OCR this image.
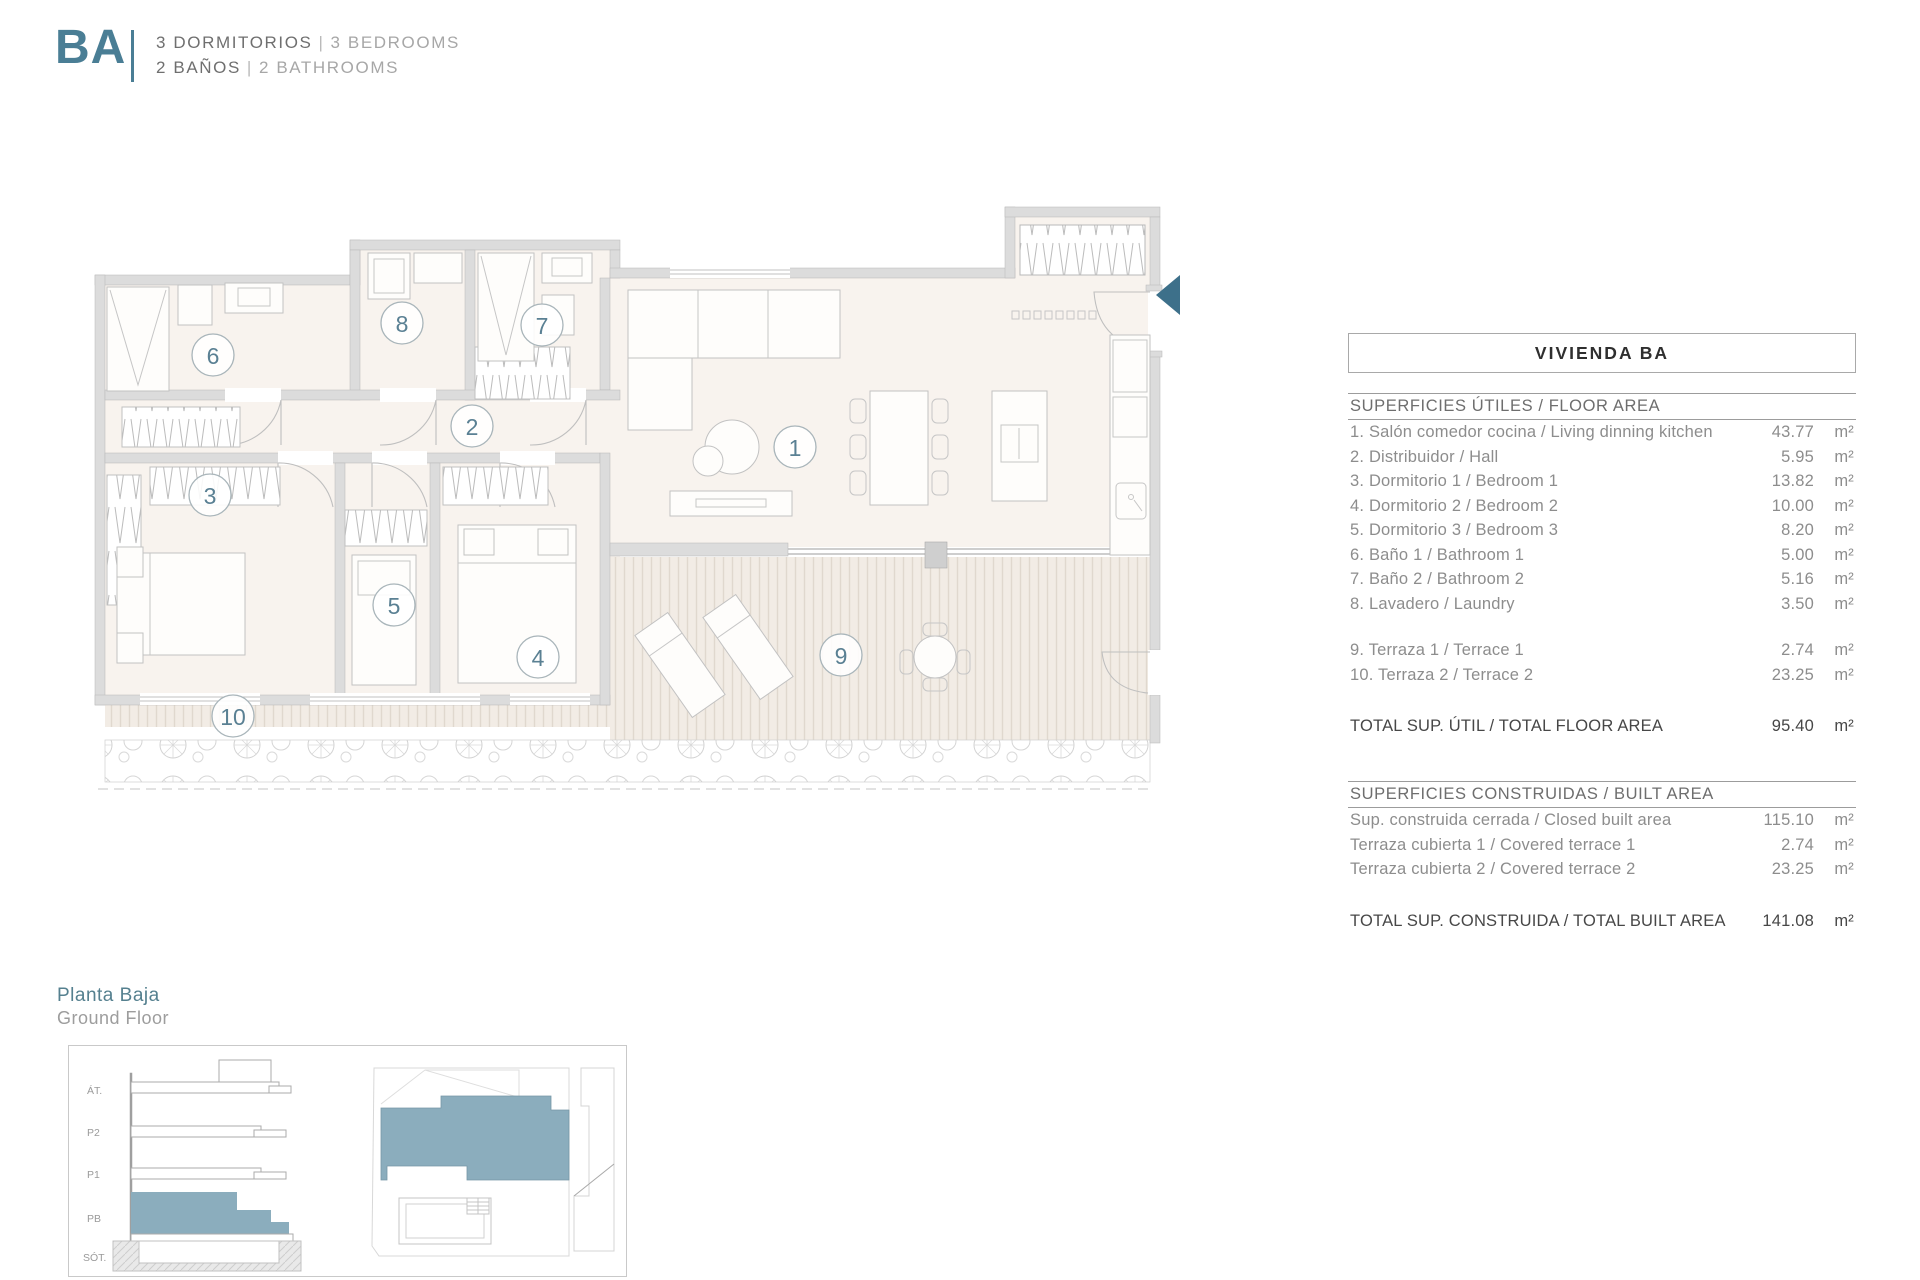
BA 3 DORMITORIOS | 3 BEDROOMS
2 BAÑOS | 2 BATHROOMS
1
2
3
4
5
6
7
8
9
10
VIVIENDA BA
SUPERFICIES ÚTILES / FLOOR AREA
1. Salón comedor cocina / Living dinning kitchen	43.77	m²
2. Distribuidor / Hall	5.95	m²
3. Dormitorio 1 / Bedroom 1	13.82	m²
4. Dormitorio 2 / Bedroom 2	10.00	m²
5. Dormitorio 3 / Bedroom 3	8.20	m²
6. Baño 1 / Bathroom 1	5.00	m²
7. Baño 2 / Bathroom 2	5.16	m²
8. Lavadero / Laundry	3.50	m²
9. Terraza 1 / Terrace 1	2.74	m²
10. Terraza 2 / Terrace 2	23.25	m²
TOTAL SUP. ÚTIL / TOTAL FLOOR AREA	95.40	m²
SUPERFICIES CONSTRUIDAS / BUILT AREA
Sup. construida cerrada / Closed built area	115.10	m²
Terraza cubierta 1 / Covered terrace 1	2.74	m²
Terraza cubierta 2 / Covered terrace 2	23.25	m²
TOTAL SUP. CONSTRUIDA / TOTAL BUILT AREA	141.08	m²
Planta Baja
Ground Floor
ÁT.
P2
P1
PB
SÓT.
